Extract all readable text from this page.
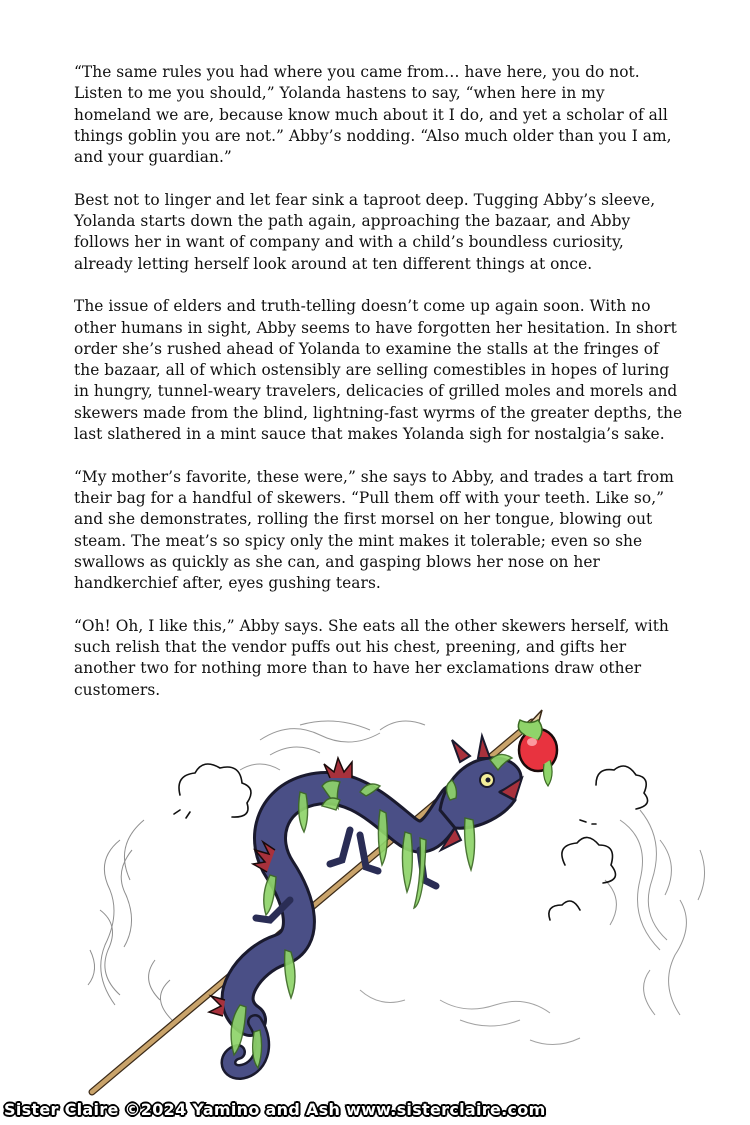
“The same rules you had where you came from… have here, you do not. Listen to me you should,” Yolanda hastens to say, “when here in my homeland we are, because know much about it I do, and yet a scholar of all things goblin you are not.” Abby’s nodding. “Also much older than you I am, and your guardian.”

Best not to linger and let fear sink a taproot deep. Tugging Abby’s sleeve, Yolanda starts down the path again, approaching the bazaar, and Abby follows her in want of company and with a child’s boundless curiosity, already letting herself look around at ten different things at once.

The issue of elders and truth-telling doesn’t come up again soon. With no other humans in sight, Abby seems to have forgotten her hesitation. In short order she’s rushed ahead of Yolanda to examine the stalls at the fringes of the bazaar, all of which ostensibly are selling comestibles in hopes of luring in hungry, tunnel-weary travelers, delicacies of grilled moles and morels and skewers made from the blind, lightning-fast wyrms of the greater depths, the last slathered in a mint sauce that makes Yolanda sigh for nostalgia’s sake.

“My mother’s favorite, these were,” she says to Abby, and trades a tart from their bag for a handful of skewers. “Pull them off with your teeth. Like so,” and she demonstrates, rolling the first morsel on her tongue, blowing out steam. The meat’s so spicy only the mint makes it tolerable; even so she swallows as quickly as she can, and gasping blows her nose on her handkerchief after, eyes gushing tears.

“Oh! Oh, I like this,” Abby says. She eats all the other skewers herself, with such relish that the vendor puffs out his chest, preening, and gifts her another two for nothing more than to have her exclamations draw other customers.

Sister Claire ©2024 Yamino and Ash www.sisterclaire.com
